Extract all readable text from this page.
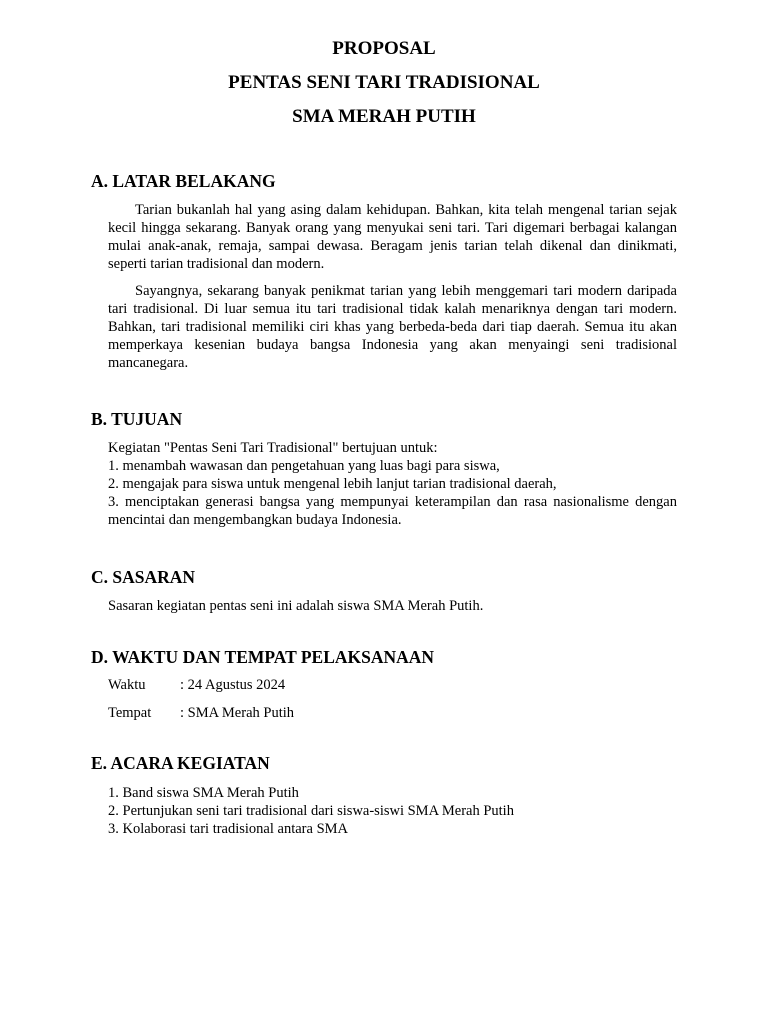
PROPOSAL
PENTAS SENI TARI TRADISIONAL
SMA MERAH PUTIH
A. LATAR BELAKANG

Tarian bukanlah hal yang asing dalam kehidupan. Bahkan, kita telah mengenal tarian sejak kecil hingga sekarang. Banyak orang yang menyukai seni tari. Tari digemari berbagai kalangan mulai anak-anak, remaja, sampai dewasa. Beragam jenis tarian telah dikenal dan dinikmati, seperti tarian tradisional dan modern.

Sayangnya, sekarang banyak penikmat tarian yang lebih menggemari tari modern daripada tari tradisional. Di luar semua itu tari tradisional tidak kalah menariknya dengan tari modern. Bahkan, tari tradisional memiliki ciri khas yang berbeda-beda dari tiap daerah. Semua itu akan memperkaya kesenian budaya bangsa Indonesia yang akan menyaingi seni tradisional mancanegara.

B. TUJUAN

Kegiatan "Pentas Seni Tari Tradisional" bertujuan untuk:

1. menambah wawasan dan pengetahuan yang luas bagi para siswa,

2. mengajak para siswa untuk mengenal lebih lanjut tarian tradisional daerah,

3. menciptakan generasi bangsa yang mempunyai keterampilan dan rasa nasionalisme dengan mencintai dan mengembangkan budaya Indonesia.

C. SASARAN

Sasaran kegiatan pentas seni ini adalah siswa SMA Merah Putih.

D. WAKTU DAN TEMPAT PELAKSANAAN
Waktu	: 24 Agustus 2024
Tempat	: SMA Merah Putih
E. ACARA KEGIATAN

1. Band siswa SMA Merah Putih

2. Pertunjukan seni tari tradisional dari siswa-siswi SMA Merah Putih

3. Kolaborasi tari tradisional antara SMA
